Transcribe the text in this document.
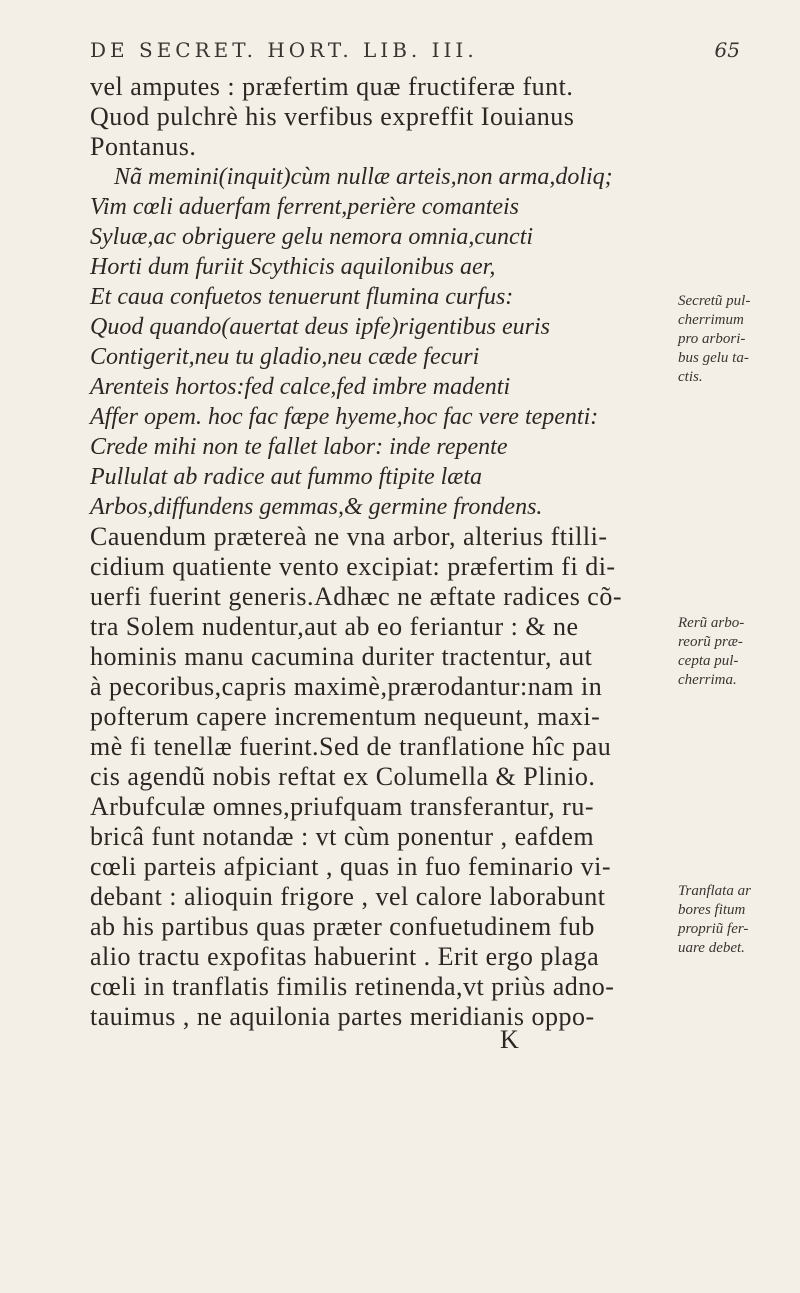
DE SECRET. HORT. LIB. III.	65
vel amputes : præfertim quæ fructiferæ funt.
Quod pulchrè his verfibus expreffit Iouianus
Pontanus.
Nã memini(inquit)cùm nullæ arteis,non arma,doliq;
Vim cœli aduerfam ferrent,perière comanteis
Syluæ,ac obriguere gelu nemora omnia,cuncti
Horti dum furiit Scythicis aquilonibus aer,
Et caua confuetos tenuerunt flumina curfus:
Quod quando(auertat deus ipfe)rigentibus euris
Contigerit,neu tu gladio,neu cæde fecuri
Arenteis hortos:fed calce,fed imbre madenti
Affer opem. hoc fac fæpe hyeme,hoc fac vere tepenti:
Crede mihi non te fallet labor: inde repente
Pullulat ab radice aut fummo ftipite læta
Arbos,diffundens gemmas,& germine frondens.
Cauendum prætereà ne vna arbor, alterius ftilli-
cidium quatiente vento excipiat: præfertim fi di-
uerfi fuerint generis.Adhæc ne æftate radices cõ-
tra Solem nudentur,aut ab eo feriantur : & ne
hominis manu cacumina duriter tractentur, aut
à pecoribus,capris maximè,prærodantur:nam in
pofterum capere incrementum nequeunt, maxi-
mè fi tenellæ fuerint.Sed de tranflatione hîc pau
cis agendũ nobis reftat ex Columella & Plinio.
Arbufculæ omnes,priufquam transferantur, ru-
bricâ funt notandæ : vt cùm ponentur , eafdem
cœli parteis afpiciant , quas in fuo feminario vi-
debant : alioquin frigore , vel calore laborabunt
ab his partibus quas præter confuetudinem fub
alio tractu expofitas habuerint . Erit ergo plaga
cœli in tranflatis fimilis retinenda,vt priùs adno-
tauimus , ne aquilonia partes meridianis oppo-
K
Secretũ pul-
cherrimum
pro arbori-
bus gelu ta-
ctis.
Rerũ arbo-
reorũ præ-
cepta pul-
cherrima.
Tranflata ar
bores fitum
propriũ fer-
uare debet.
